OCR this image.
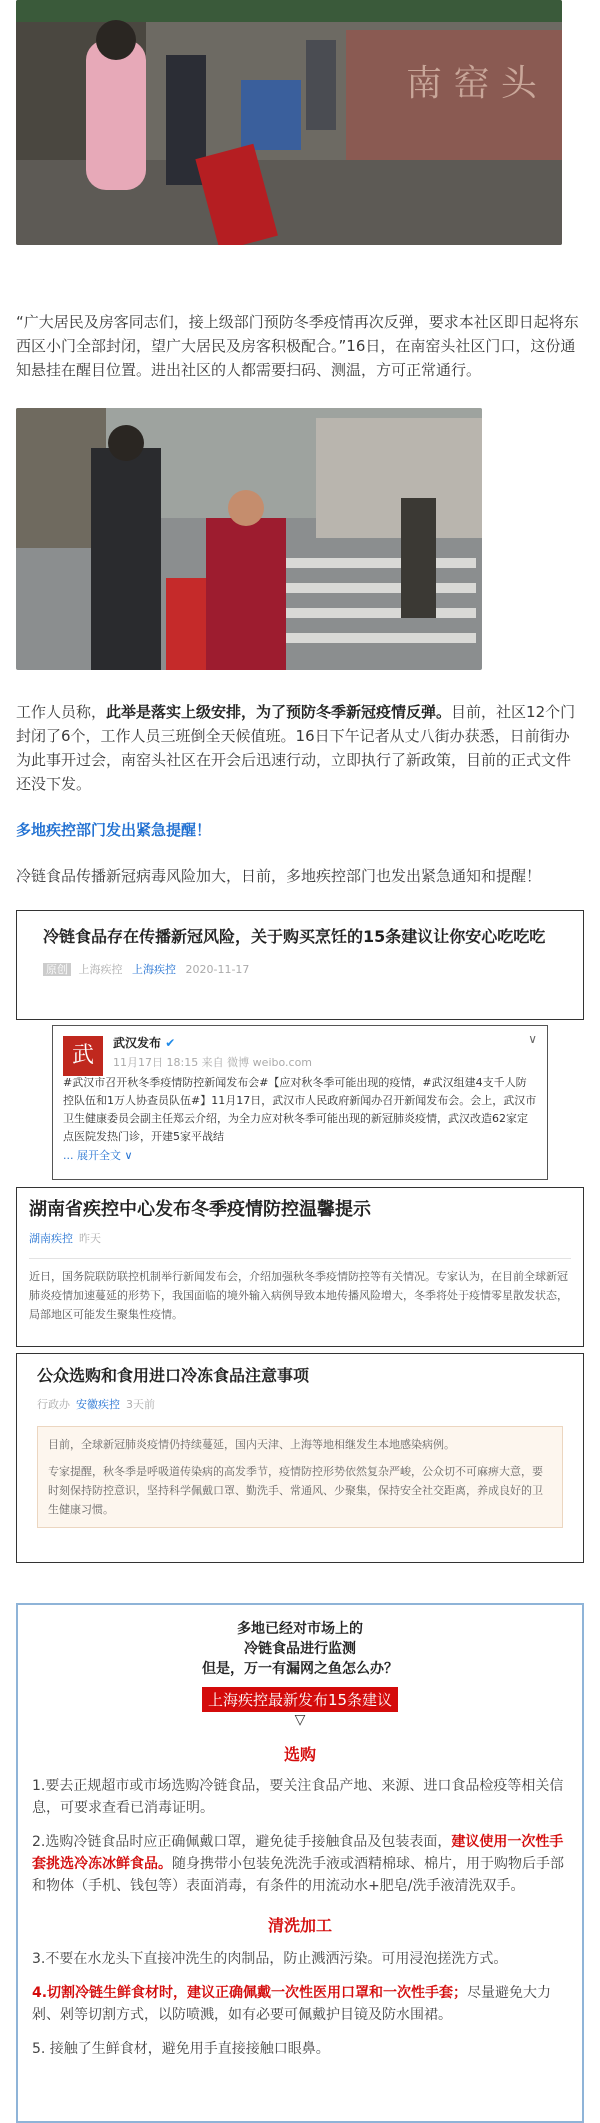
南 窑 头

“广大居民及房客同志们，接上级部门预防冬季疫情再次反弹，要求本社区即日起将东西区小门全部封闭，望广大居民及房客积极配合。”16日，在南窑头社区门口，这份通知悬挂在醒目位置。进出社区的人都需要扫码、测温，方可正常通行。

工作人员称，此举是落实上级安排，为了预防冬季新冠疫情反弹。目前，社区12个门封闭了6个，工作人员三班倒全天候值班。16日下午记者从丈八街办获悉，日前街办为此事开过会，南窑头社区在开会后迅速行动，立即执行了新政策，目前的正式文件还没下发。

多地疾控部门发出紧急提醒！

冷链食品传播新冠病毒风险加大，日前，多地疾控部门也发出紧急通知和提醒！

冷链食品存在传播新冠风险，关于购买烹饪的15条建议让你安心吃吃吃
原创 上海疾控 上海疾控 2020-11-17
武	武汉发布 ✔	∨
11月17日 18:15 来自 微博 weibo.com
#武汉市召开秋冬季疫情防控新闻发布会#【应对秋冬季可能出现的疫情，#武汉组建4支千人防控队伍和1万人协查员队伍#】11月17日，武汉市人民政府新闻办召开新闻发布会。会上，武汉市卫生健康委员会副主任郑云介绍，为全力应对秋冬季可能出现的新冠肺炎疫情，武汉改造62家定点医院发热门诊，开建5家平战结
... 展开全文 ∨
湖南省疾控中心发布冬季疫情防控温馨提示
湖南疾控 昨天
近日，国务院联防联控机制举行新闻发布会，介绍加强秋冬季疫情防控等有关情况。专家认为，在目前全球新冠肺炎疫情加速蔓延的形势下，我国面临的境外输入病例导致本地传播风险增大，冬季将处于疫情零星散发状态，局部地区可能发生聚集性疫情。
公众选购和食用进口冷冻食品注意事项
行政办 安徽疾控 3天前
目前，全球新冠肺炎疫情仍持续蔓延，国内天津、上海等地相继发生本地感染病例。
专家提醒，秋冬季是呼吸道传染病的高发季节，疫情防控形势依然复杂严峻，公众切不可麻痹大意，要时刻保持防控意识，坚持科学佩戴口罩、勤洗手、常通风、少聚集，保持安全社交距离，养成良好的卫生健康习惯。
多地已经对市场上的
冷链食品进行监测
但是，万一有漏网之鱼怎么办？
上海疾控最新发布15条建议
▽
选购

1.要去正规超市或市场选购冷链食品，要关注食品产地、来源、进口食品检疫等相关信息，可要求查看已消毒证明。

2.选购冷链食品时应正确佩戴口罩，避免徒手接触食品及包装表面，建议使用一次性手套挑选冷冻冰鲜食品。随身携带小包装免洗洗手液或酒精棉球、棉片，用于购物后手部和物体（手机、钱包等）表面消毒，有条件的用流动水+肥皂/洗手液清洗双手。

清洗加工

3.不要在水龙头下直接冲洗生的肉制品，防止溅洒污染。可用浸泡搓洗方式。

4.切割冷链生鲜食材时，建议正确佩戴一次性医用口罩和一次性手套；尽量避免大力剁、剁等切割方式，以防喷溅，如有必要可佩戴护目镜及防水围裙。

5. 接触了生鲜食材，避免用手直接接触口眼鼻。
